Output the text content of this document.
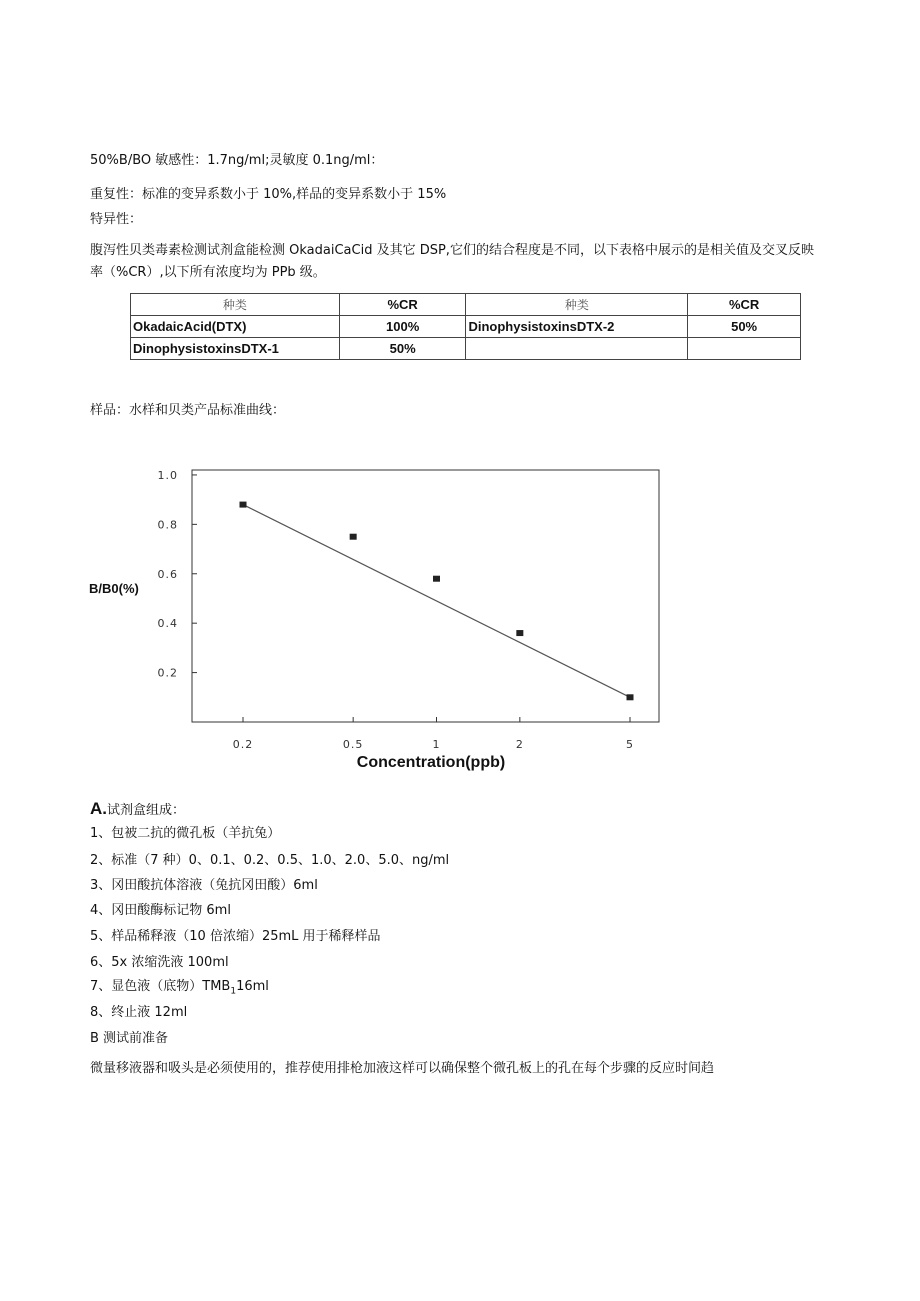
50%B/BO 敏感性：1.7ng/ml;灵敏度 0.1ng/ml：
重复性：标准的变异系数小于 10%,样品的变异系数小于 15%
特异性：
腹泻性贝类毒素检测试剂盒能检测 OkadaiCaCid 及其它 DSP,它们的结合程度是不同，以下表格中展示的是相关值及交叉反映率（%CR）,以下所有浓度均为 PPb 级。
种类	%CR	种类	%CR
OkadaicAcid(DTX)	100%	DinophysistoxinsDTX-2	50%
DinophysistoxinsDTX-1	50%		
样品：水样和贝类产品标准曲线：
0.2
0.4
0.6
0.8
1.0
0.2	0.5	1	2	5
B/B0(%)
Concentration(ppb)
A.试剂盒组成：
1、包被二抗的微孔板（羊抗兔）
2、标准（7 种）0、0.1、0.2、0.5、1.0、2.0、5.0、ng/ml
3、冈田酸抗体溶液（兔抗冈田酸）6ml
4、冈田酸酶标记物 6ml
5、样品稀释液（10 倍浓缩）25mL 用于稀释样品
6、5x 浓缩洗液 100ml
7、显色液（底物）$TMB_116ml$
8、终止液 12ml
B 测试前准备
微量移液器和吸头是必须使用的，推荐使用排枪加液这样可以确保整个微孔板上的孔在每个步骤的反应时间趋
